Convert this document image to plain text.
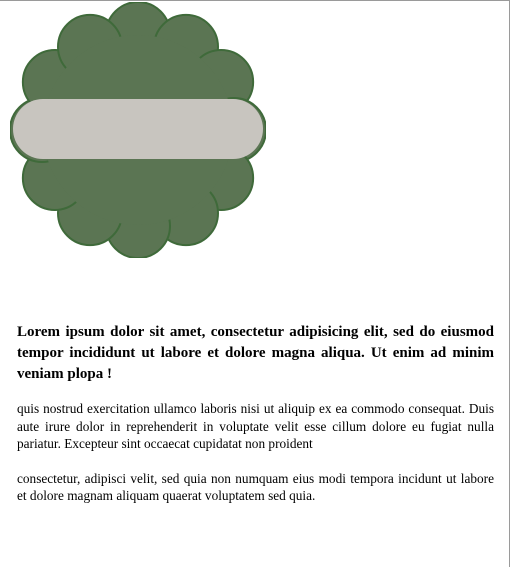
Lorem ipsum dolor sit amet, consectetur adipisicing elit, sed do eiusmod tempor incididunt ut labore et dolore magna aliqua. Ut enim ad minim veniam plopa !

quis nostrud exercitation ullamco laboris nisi ut aliquip ex ea commodo consequat. Duis aute irure dolor in reprehenderit in voluptate velit esse cillum dolore eu fugiat nulla pariatur. Excepteur sint occaecat cupidatat non proident

consectetur, adipisci velit, sed quia non numquam eius modi tempora incidunt ut labore et dolore magnam aliquam quaerat voluptatem sed quia.
